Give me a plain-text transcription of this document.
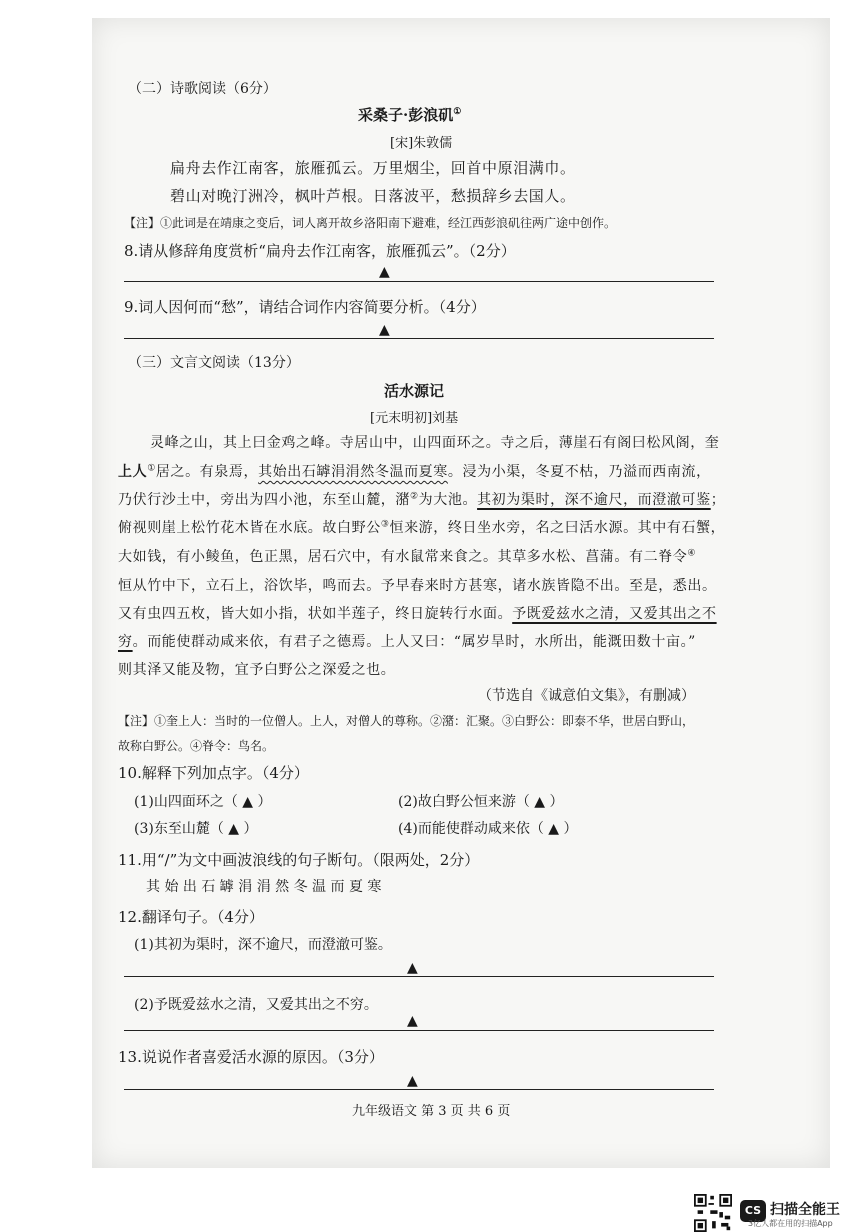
（二）诗歌阅读（6分）
采桑子·彭浪矶①
[宋]朱敦儒
扁舟去作江南客，旅雁孤云。万里烟尘，回首中原泪满巾。
碧山对晚汀洲冷，枫叶芦根。日落波平，愁损辞乡去国人。
【注】①此词是在靖康之变后，词人离开故乡洛阳南下避难，经江西彭浪矶往两广途中创作。
8.请从修辞角度赏析“扁舟去作江南客，旅雁孤云”。（2分）
▲
9.词人因何而“愁”，请结合词作内容简要分析。（4分）
▲
（三）文言文阅读（13分）
活水源记
[元末明初]刘基
灵峰之山，其上曰金鸡之峰。寺居山中，山四面环之。寺之后，薄崖石有阁曰松风阁，奎
上人①居之。有泉焉，其始出石罅涓涓然冬温而夏寒。浸为小渠，冬夏不枯，乃溢而西南流，
乃伏行沙土中，旁出为四小池，东至山麓，潴②为大池。其初为渠时，深不逾尺，而澄澈可鉴；
俯视则崖上松竹花木皆在水底。故白野公③恒来游，终日坐水旁，名之曰活水源。其中有石蟹，
大如钱，有小鲮鱼，色正黑，居石穴中，有水鼠常来食之。其草多水松、菖蒲。有二脊令④
恒从竹中下，立石上，浴饮毕，鸣而去。予早春来时方甚寒，诸水族皆隐不出。至是，悉出。
又有虫四五枚，皆大如小指，状如半莲子，终日旋转行水面。予既爱兹水之清，又爱其出之不
穷。而能使群动咸来依，有君子之德焉。上人又曰：“属岁旱时，水所出，能溉田数十亩。”
则其泽又能及物，宜予白野公之深爱之也。
（节选自《诚意伯文集》，有删减）
【注】①奎上人：当时的一位僧人。上人，对僧人的尊称。②潴：汇聚。③白野公：即泰不华，世居白野山，
故称白野公。④脊令：鸟名。
10.解释下列加点字。（4分）
(1)山四面环之（ ▲ ）	(2)故白野公恒来游（ ▲ ）
(3)东至山麓（ ▲ ）	(4)而能使群动咸来依（ ▲ ）
11.用“/”为文中画波浪线的句子断句。（限两处，2分）
其 始 出 石 罅 涓 涓 然 冬 温 而 夏 寒
12.翻译句子。（4分）
(1)其初为渠时，深不逾尺，而澄澈可鉴。
▲
(2)予既爱兹水之清，又爱其出之不穷。
▲
13.说说作者喜爱活水源的原因。（3分）
▲
九年级语文 第 3 页 共 6 页
CS 扫描全能王
3亿人都在用的扫描App
